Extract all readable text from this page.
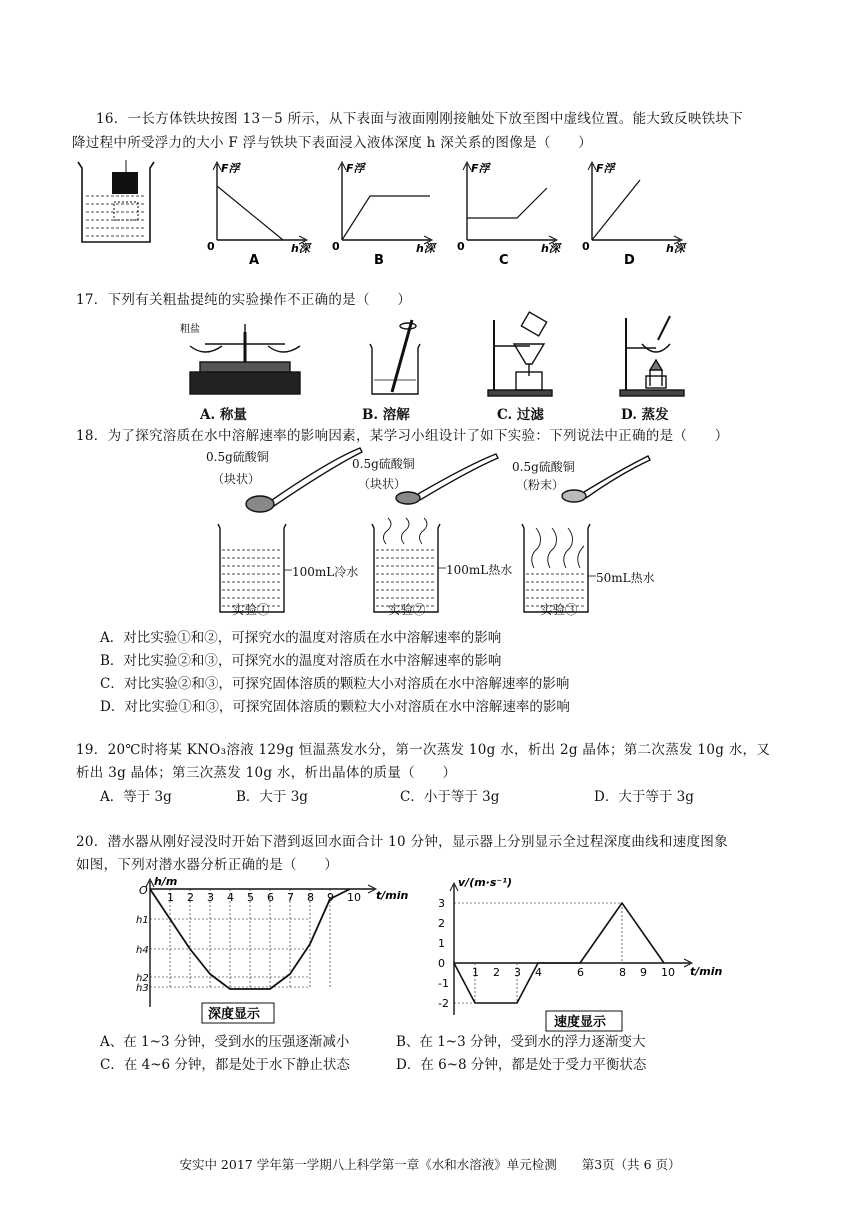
16．一长方体铁块按图 13－5 所示，从下表面与液面刚刚接触处下放至图中虚线位置。能大致反映铁块下
降过程中所受浮力的大小 F 浮与铁块下表面浸入液体深度 h 深关系的图像是（　　）
F浮
h深
0
A
F浮
h深
0
B
F浮
h深
0
C
F浮
h深
0
D
17．下列有关粗盐提纯的实验操作不正确的是（　　）
粗盐
A. 称量	B. 溶解	C. 过滤	D. 蒸发
18．为了探究溶质在水中溶解速率的影响因素，某学习小组设计了如下实验：下列说法中正确的是（　　）
0.5g硫酸铜
（块状）
0.5g硫酸铜
（块状）
0.5g硫酸铜
（粉末）
100mL冷水	100mL热水
50mL热水
实验①	实验②	实验③
A．对比实验①和②，可探究水的温度对溶质在水中溶解速率的影响
B．对比实验②和③，可探究水的温度对溶质在水中溶解速率的影响
C．对比实验②和③，可探究固体溶质的颗粒大小对溶质在水中溶解速率的影响
D．对比实验①和③，可探究固体溶质的颗粒大小对溶质在水中溶解速率的影响
19．20℃时将某 KNO₃溶液 129g 恒温蒸发水分，第一次蒸发 10g 水，析出 2g 晶体；第二次蒸发 10g 水，又
析出 3g 晶体；第三次蒸发 10g 水，析出晶体的质量（　　）
A．等于 3g	B．大于 3g	C．小于等于 3g	D．大于等于 3g
20．潜水器从刚好浸没时开始下潜到返回水面合计 10 分钟，显示器上分别显示全过程深度曲线和速度图象
如图，下列对潜水器分析正确的是（　　）
h/m
t/min
O
1 2 3 4 5 6 7 8 9 10
h1
h4
h2
h3
深度显示
v/(m·s⁻¹)
t/min
3
2
1
0
-1
-2
1 2 3 4	6	8 9 10
速度显示
A、在 1~3 分钟，受到水的压强逐渐减小	B、在 1~3 分钟，受到水的浮力逐渐变大
C．在 4~6 分钟，都是处于水下静止状态	D．在 6~8 分钟，都是处于受力平衡状态
安实中 2017 学年第一学期八上科学第一章《水和水溶液》单元检测　　第3页（共 6 页）
